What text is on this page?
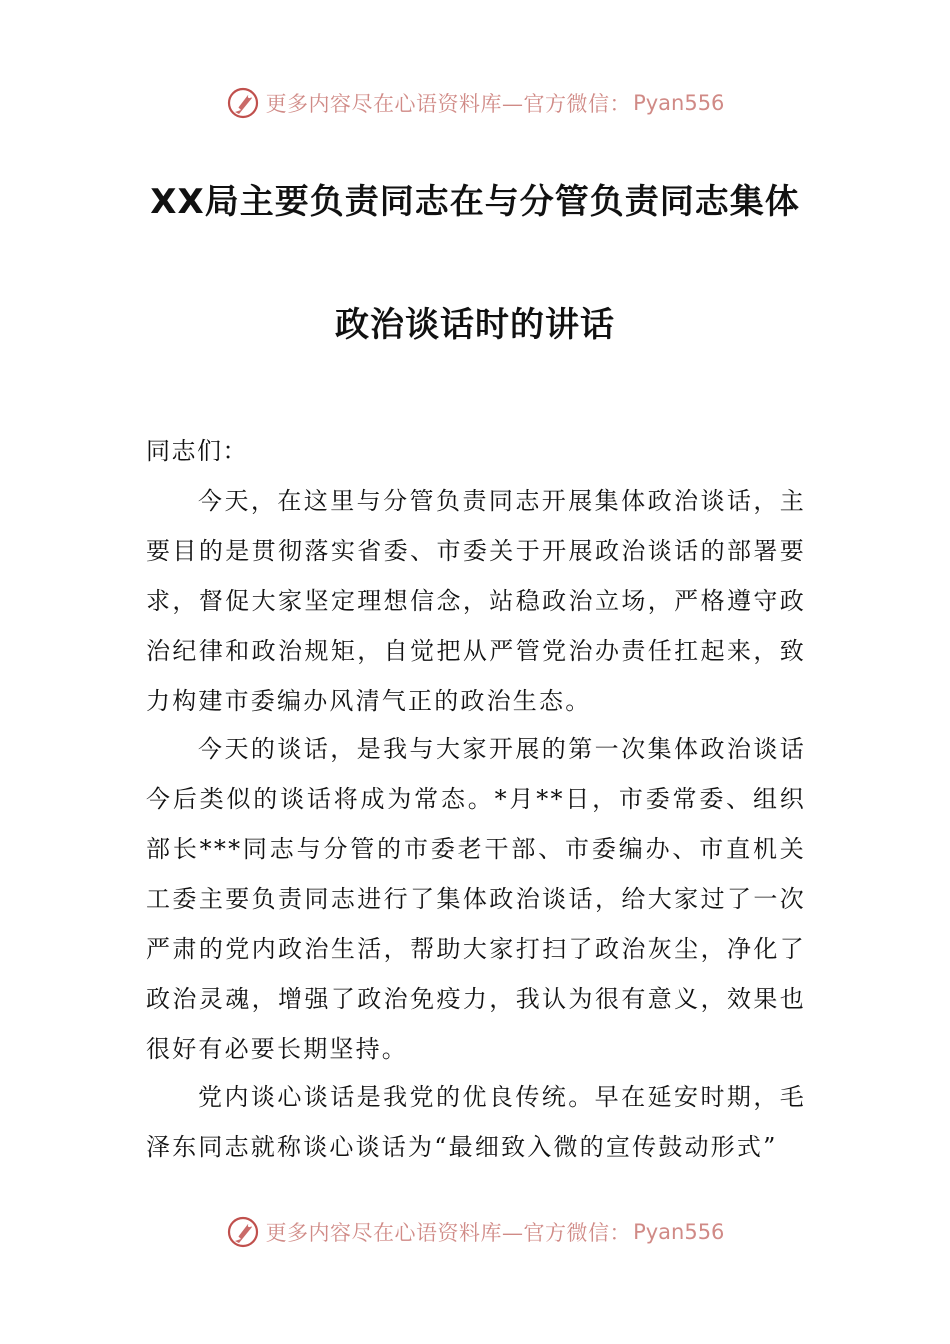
更多内容尽在心语资料库—官方微信： Pyan556
XX局主要负责同志在与分管负责同志集体
政治谈话时的讲话
同志们：

今天，在这里与分管负责同志开展集体政治谈话，主要目的是贯彻落实省委、市委关于开展政治谈话的部署要求，督促大家坚定理想信念，站稳政治立场，严格遵守政治纪律和政治规矩，自觉把从严管党治办责任扛起来，致力构建市委编办风清气正的政治生态。

今天的谈话，是我与大家开展的第一次集体政治谈话今后类似的谈话将成为常态。*月**日，市委常委、组织部长***同志与分管的市委老干部、市委编办、市直机关工委主要负责同志进行了集体政治谈话，给大家过了一次严肃的党内政治生活，帮助大家打扫了政治灰尘，净化了政治灵魂，增强了政治免疫力，我认为很有意义，效果也很好有必要长期坚持。

党内谈心谈话是我党的优良传统。早在延安时期，毛泽东同志就称谈心谈话为“最细致入微的宣传鼓动形式”

更多内容尽在心语资料库—官方微信： Pyan556
